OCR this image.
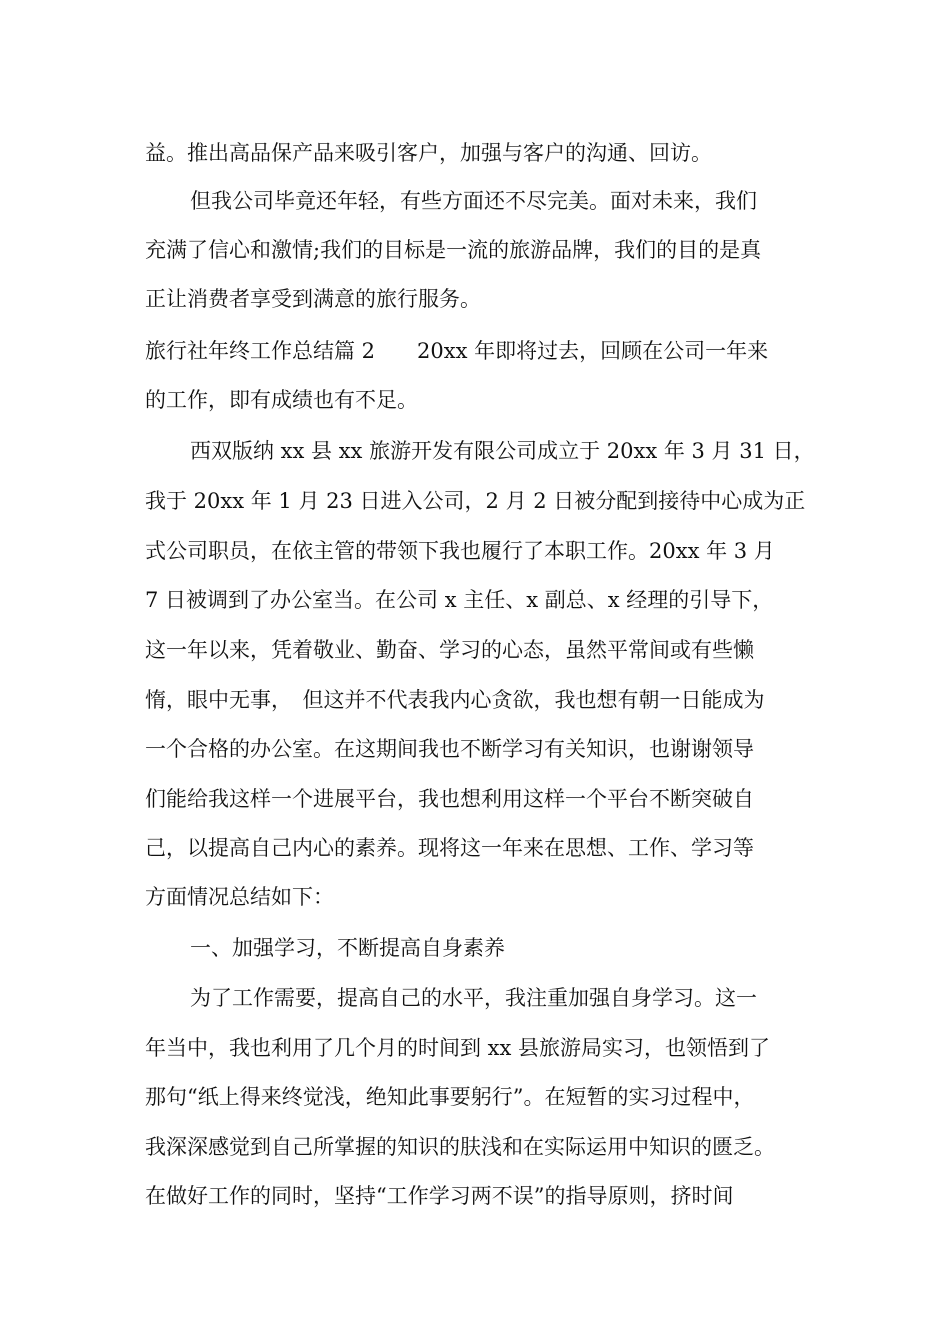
益。推出高品保产品来吸引客户，加强与客户的沟通、回访。
但我公司毕竟还年轻，有些方面还不尽完美。面对未来，我们
充满了信心和激情;我们的目标是一流的旅游品牌，我们的目的是真
正让消费者享受到满意的旅行服务。
旅行社年终工作总结篇 2　　20xx 年即将过去，回顾在公司一年来
的工作，即有成绩也有不足。
西双版纳 xx 县 xx 旅游开发有限公司成立于 20xx 年 3 月 31 日，
我于 20xx 年 1 月 23 日进入公司，2 月 2 日被分配到接待中心成为正
式公司职员，在依主管的带领下我也履行了本职工作。20xx 年 3 月
7 日被调到了办公室当。在公司 x 主任、x 副总、x 经理的引导下，
这一年以来，凭着敬业、勤奋、学习的心态，虽然平常间或有些懒
惰，眼中无事，　但这并不代表我内心贪欲，我也想有朝一日能成为
一个合格的办公室。在这期间我也不断学习有关知识，也谢谢领导
们能给我这样一个进展平台，我也想利用这样一个平台不断突破自
己，以提高自己内心的素养。现将这一年来在思想、工作、学习等
方面情况总结如下：
一、加强学习，不断提高自身素养
为了工作需要，提高自己的水平，我注重加强自身学习。这一
年当中，我也利用了几个月的时间到 xx 县旅游局实习，也领悟到了
那句“纸上得来终觉浅，绝知此事要躬行”。在短暂的实习过程中，
我深深感觉到自己所掌握的知识的肤浅和在实际运用中知识的匮乏。
在做好工作的同时，坚持“工作学习两不误”的指导原则，挤时间
